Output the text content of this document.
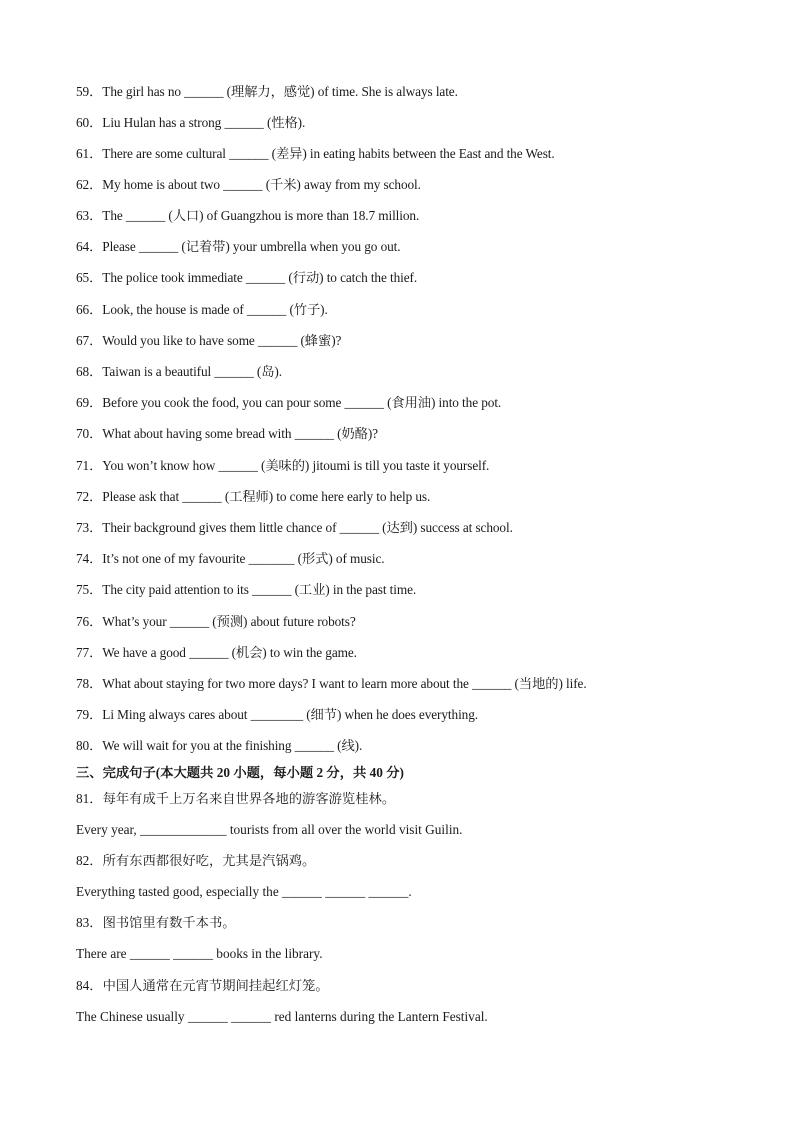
59．The girl has no ______ (理解力，感觉) of time. She is always late.
60．Liu Hulan has a strong ______ (性格).
61．There are some cultural ______ (差异) in eating habits between the East and the West.
62．My home is about two ______ (千米) away from my school.
63．The ______ (人口) of Guangzhou is more than 18.7 million.
64．Please ______ (记着带) your umbrella when you go out.
65．The police took immediate ______ (行动) to catch the thief.
66．Look, the house is made of ______ (竹子).
67．Would you like to have some ______ (蜂蜜)?
68．Taiwan is a beautiful ______ (岛).
69．Before you cook the food, you can pour some ______ (食用油) into the pot.
70．What about having some bread with ______ (奶酪)?
71．You won’t know how ______ (美味的) jitoumi is till you taste it yourself.
72．Please ask that ______ (工程师) to come here early to help us.
73．Their background gives them little chance of ______ (达到) success at school.
74．It’s not one of my favourite _______ (形式) of music.
75．The city paid attention to its ______ (工业) in the past time.
76．What’s your ______ (预测) about future robots?
77．We have a good ______ (机会) to win the game.
78．What about staying for two more days? I want to learn more about the ______ (当地的) life.
79．Li Ming always cares about ________ (细节) when he does everything.
80．We will wait for you at the finishing ______ (线).
三、完成句子(本大题共 20 小题，每小题 2 分，共 40 分)
81．每年有成千上万名来自世界各地的游客游览桂林。
Every year, _____________ tourists from all over the world visit Guilin.
82．所有东西都很好吃，尤其是汽锅鸡。
Everything tasted good, especially the ______ ______ ______.
83．图书馆里有数千本书。
There are ______ ______ books in the library.
84．中国人通常在元宵节期间挂起红灯笼。
The Chinese usually ______ ______ red lanterns during the Lantern Festival.
